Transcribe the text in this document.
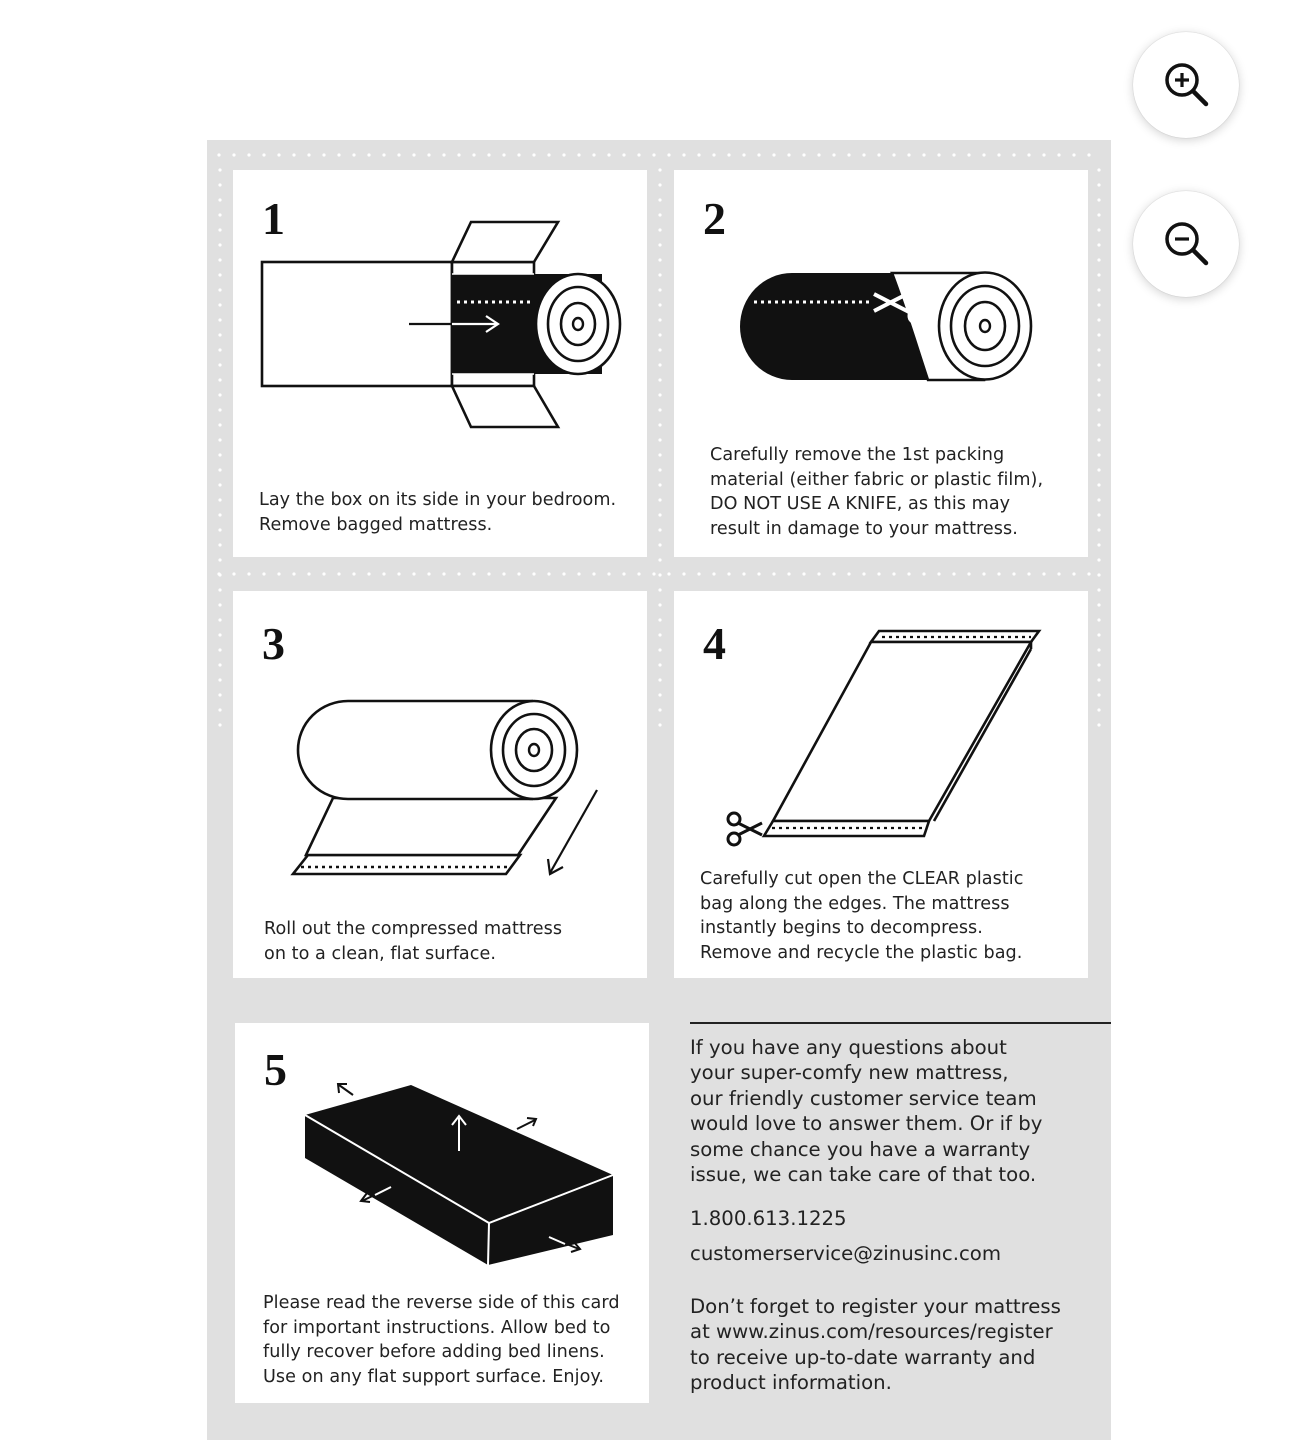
1
Lay the box on its side in your bedroom.
Remove bagged mattress.
2
Carefully remove the 1st packing
material (either fabric or plastic film),
DO NOT USE A KNIFE, as this may
result in damage to your mattress.
3
Roll out the compressed mattress
on to a clean, flat surface.
4
Carefully cut open the CLEAR plastic
bag along the edges. The mattress
instantly begins to decompress.
Remove and recycle the plastic bag.
5
Please read the reverse side of this card
for important instructions. Allow bed to
fully recover before adding bed linens.
Use on any flat support surface. Enjoy.
If you have any questions about
your super-comfy new mattress,
our friendly customer service team
would love to answer them. Or if by
some chance you have a warranty
issue, we can take care of that too.
1.800.613.1225
customerservice@zinusinc.com
Don’t forget to register your mattress
at www.zinus.com/resources/register
to receive up-to-date warranty and
product information.
